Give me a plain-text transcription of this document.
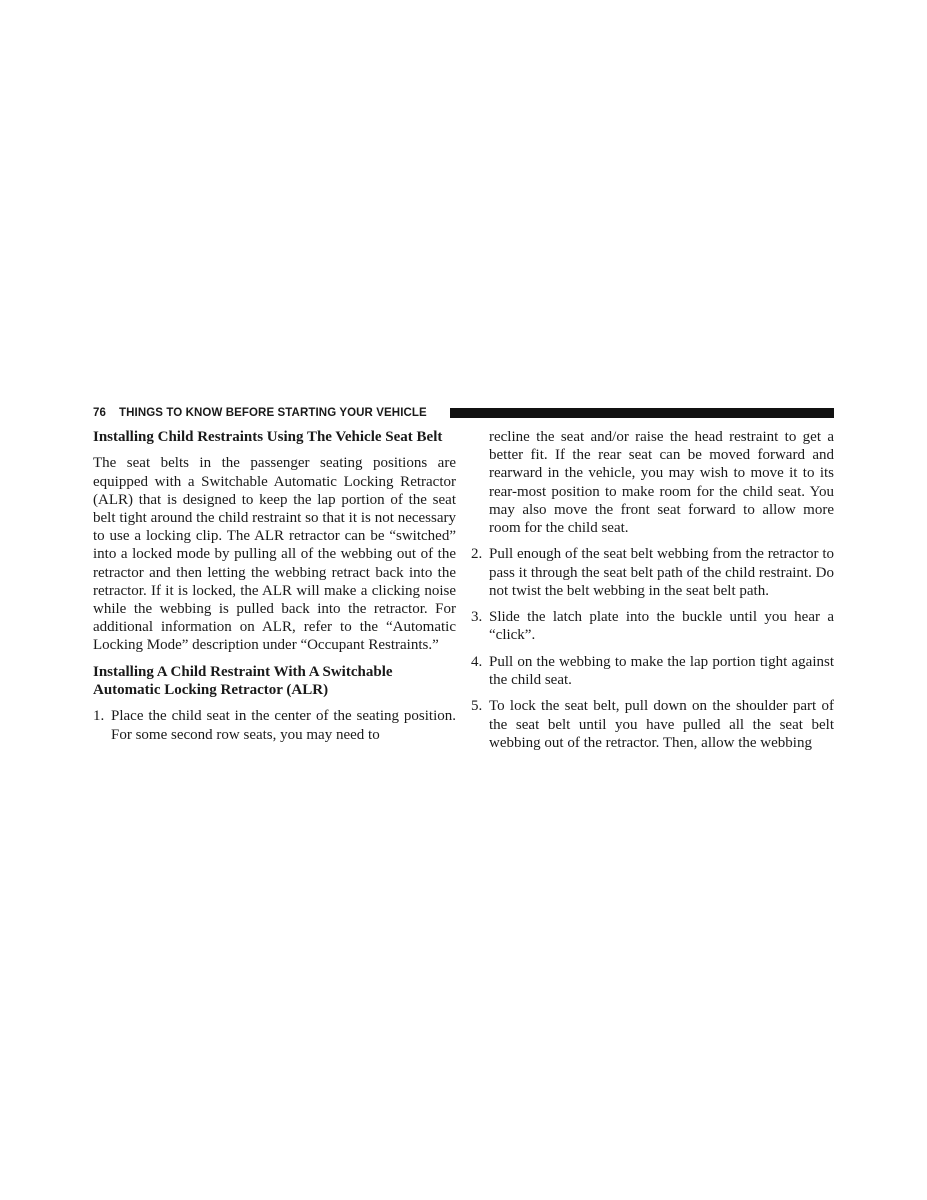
76 THINGS TO KNOW BEFORE STARTING YOUR VEHICLE
Installing Child Restraints Using The Vehicle Seat Belt

The seat belts in the passenger seating positions are equipped with a Switchable Automatic Locking Retractor (ALR) that is designed to keep the lap portion of the seat belt tight around the child restraint so that it is not necessary to use a locking clip. The ALR retractor can be “switched” into a locked mode by pulling all of the webbing out of the retractor and then letting the webbing retract back into the retractor. If it is locked, the ALR will make a clicking noise while the webbing is pulled back into the retractor. For additional information on ALR, refer to the “Automatic Locking Mode” description under “Occupant Restraints.”

Installing A Child Restraint With A Switchable Automatic Locking Retractor (ALR)
1. Place the child seat in the center of the seating position. For some second row seats, you may need to
recline the seat and/or raise the head restraint to get a better fit. If the rear seat can be moved forward and rearward in the vehicle, you may wish to move it to its rear-most position to make room for the child seat. You may also move the front seat forward to allow more room for the child seat.
2. Pull enough of the seat belt webbing from the retractor to pass it through the seat belt path of the child restraint. Do not twist the belt webbing in the seat belt path.
3. Slide the latch plate into the buckle until you hear a “click”.
4. Pull on the webbing to make the lap portion tight against the child seat.
5. To lock the seat belt, pull down on the shoulder part of the seat belt until you have pulled all the seat belt webbing out of the retractor. Then, allow the webbing
